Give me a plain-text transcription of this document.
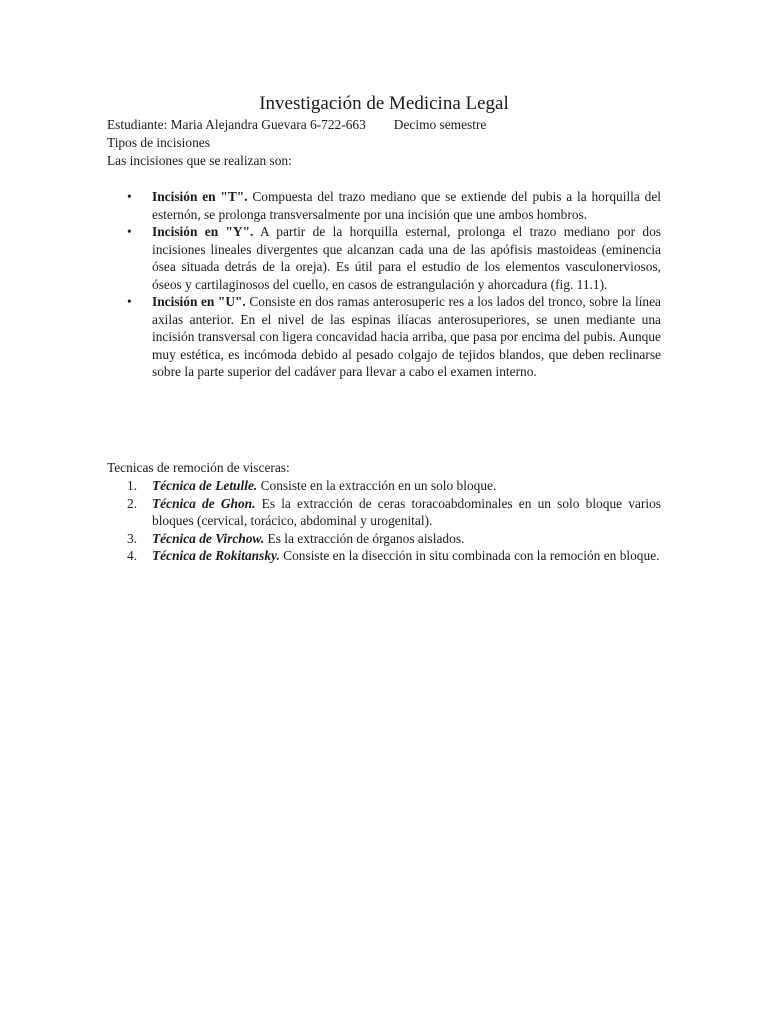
Investigación de Medicina Legal

Estudiante: Maria Alejandra Guevara 6-722-663 Decimo semestre

Tipos de incisiones

Las incisiones que se realizan son:

• Incisión en "T". Compuesta del trazo mediano que se extiende del pubis a la horquilla del esternón, se prolonga transversalmente por una incisión que une ambos hombros.
• Incisión en "Y". A partir de la horquilla esternal, prolonga el trazo mediano por dos incisiones lineales divergentes que alcanzan cada una de las apófisis mastoideas (eminencia ósea situada detrás de la oreja). Es útil para el estudio de los elementos vasculonerviosos, óseos y cartilaginosos del cuello, en casos de estrangulación y ahorcadura (fig. 11.1).
• Incisión en "U". Consiste en dos ramas anterosuperic res a los lados del tronco, sobre la línea axilas anterior. En el nivel de las espinas ilíacas anterosuperiores, se unen mediante una incisión transversal con ligera concavidad hacia arriba, que pasa por encima del pubis. Aunque muy estética, es incómoda debido al pesado colgajo de tejidos blandos, que deben reclinarse sobre la parte superior del cadáver para llevar a cabo el examen interno.

Tecnicas de remoción de visceras:

1. Técnica de Letulle. Consiste en la extracción en un solo bloque.
2. Técnica de Ghon. Es la extracción de ceras toracoabdominales en un solo bloque varios bloques (cervical, torácico, abdominal y urogenital).
3. Técnica de Virchow. Es la extracción de órganos aislados.
4. Técnica de Rokitansky. Consiste en la disección in situ combinada con la remoción en bloque.
